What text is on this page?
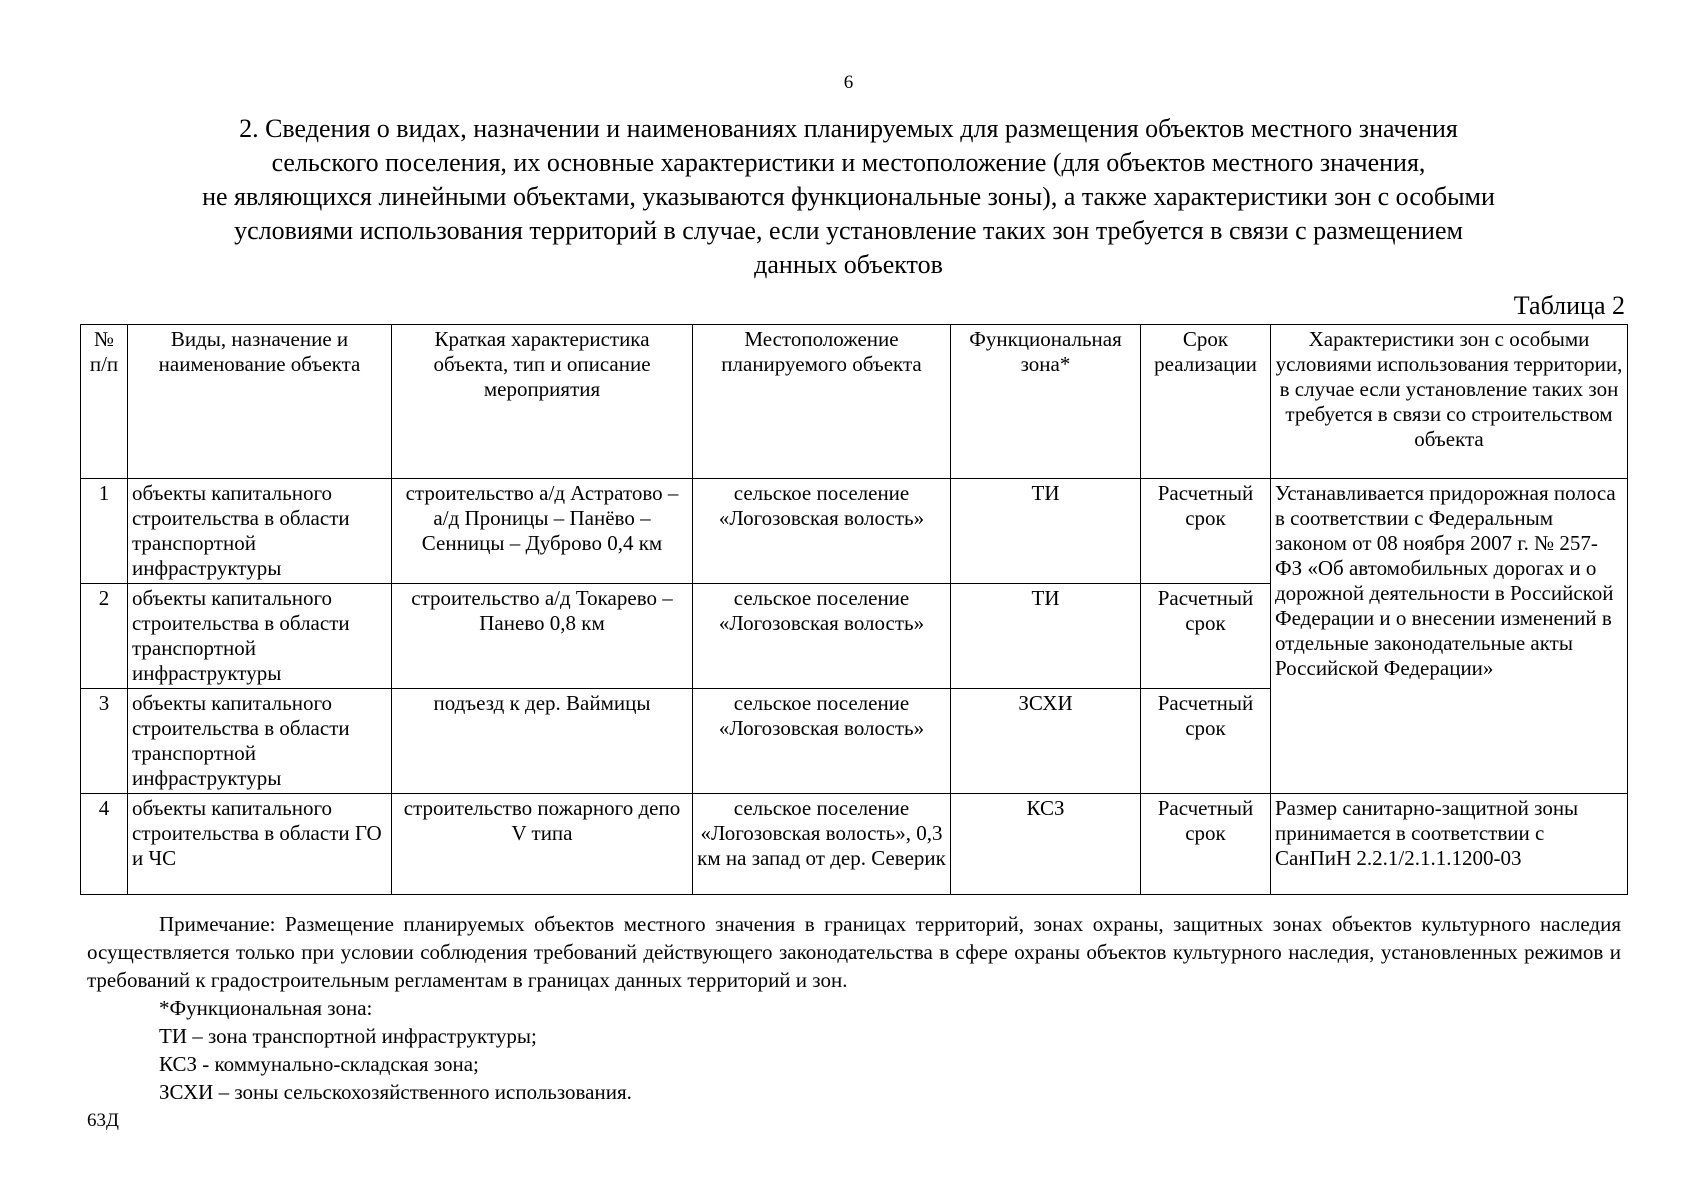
6
2. Сведения о видах, назначении и наименованиях планируемых для размещения объектов местного значения
сельского поселения, их основные характеристики и местоположение (для объектов местного значения,
не являющихся линейными объектами, указываются функциональные зоны), а также характеристики зон с особыми
условиями использования территорий в случае, если установление таких зон требуется в связи с размещением
данных объектов
Таблица 2
№ п/п	Виды, назначение и наименование объекта	Краткая характеристика объекта, тип и описание мероприятия	Местоположение планируемого объекта	Функциональная зона*	Срок реализации	Характеристики зон с особыми условиями использования территории, в случае если установление таких зон требуется в связи со строительством объекта
1	объекты капитального строительства в области транспортной инфраструктуры	строительство а/д Астратово – а/д Проницы – Панёво – Сенницы – Дуброво 0,4 км	сельское поселение «Логозовская волость»	ТИ	Расчетный срок	Устанавливается придорожная полоса в соответствии с Федеральным законом от 08 ноября 2007 г. № 257-ФЗ «Об автомобильных дорогах и о дорожной деятельности в Российской Федерации и о внесении изменений в отдельные законодательные акты Российской Федерации»
2	объекты капитального строительства в области транспортной инфраструктуры	строительство а/д Токарево – Панево 0,8 км	сельское поселение «Логозовская волость»	ТИ	Расчетный срок	
3	объекты капитального строительства в области транспортной инфраструктуры	подъезд к дер. Ваймицы	сельское поселение «Логозовская волость»	ЗСХИ	Расчетный срок	
4	объекты капитального строительства в области ГО и ЧС	строительство пожарного депо V типа	сельское поселение «Логозовская волость», 0,3 км на запад от дер. Северик	КСЗ	Расчетный срок	Размер санитарно-защитной зоны принимается в соответствии с СанПиН 2.2.1/2.1.1.1200-03

Примечание: Размещение планируемых объектов местного значения в границах территорий, зонах охраны, защитных зонах объектов культурного наследия осуществляется только при условии соблюдения требований действующего законодательства в сфере охраны объектов культурного наследия, установленных режимов и требований к градостроительным регламентам в границах данных территорий и зон.

*Функциональная зона:

ТИ – зона транспортной инфраструктуры;

КСЗ - коммунально-складская зона;

ЗСХИ – зоны сельскохозяйственного использования.

63Д
